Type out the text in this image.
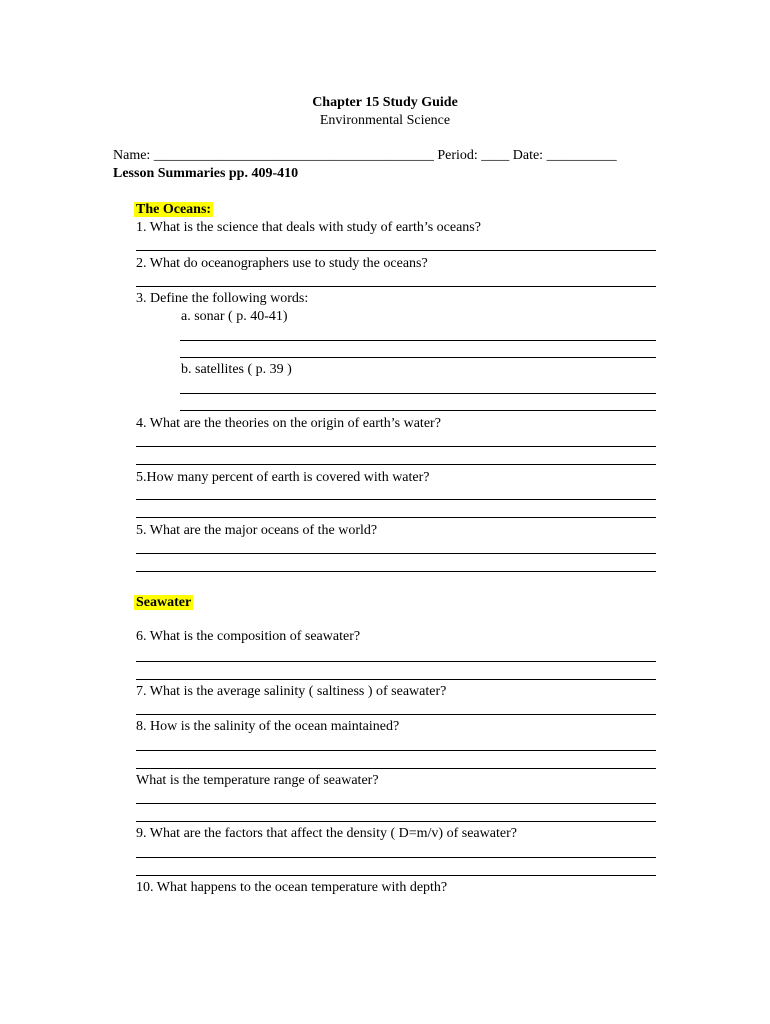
Chapter 15 Study Guide
Environmental Science
Name: ________________________________________ Period: ____ Date: __________
Lesson Summaries pp. 409-410
The Oceans:
1. What is the science that deals with study of earth’s oceans?
2. What do oceanographers use to study the oceans?
3. Define the following words:
a. sonar ( p. 40-41)
b. satellites ( p. 39 )
4. What are the theories on the origin of earth’s water?
5.How many percent of earth is covered with water?
5. What are the major oceans of the world?
Seawater
6. What is the composition of seawater?
7. What is the average salinity ( saltiness ) of seawater?
8. How is the salinity of the ocean maintained?
What is the temperature range of seawater?
9. What are the factors that affect the density ( D=m/v) of seawater?
10. What happens to the ocean temperature with depth?
